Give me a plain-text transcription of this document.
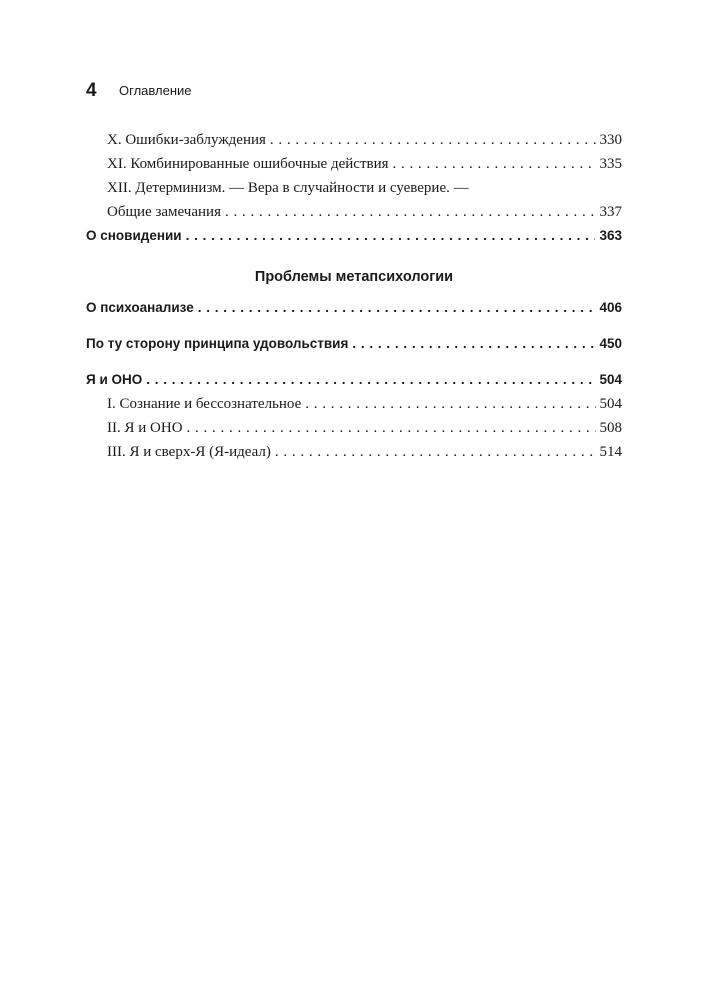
4 Оглавление
X. Ошибки-заблуждения . . .	330
XI. Комбинированные ошибочные действия . . .	335
XII. Детерминизм. — Вера в случайности и суеверие. —
Общие замечания . . .	337
О сновидении . . .	363
Проблемы метапсихологии
О психоанализе . . .	406
По ту сторону принципа удовольствия . . .	450
Я и ОНО . . .	504
I. Сознание и бессознательное . . .	504
II. Я и ОНО . . .	508
III. Я и сверх-Я (Я-идеал) . . .	514
